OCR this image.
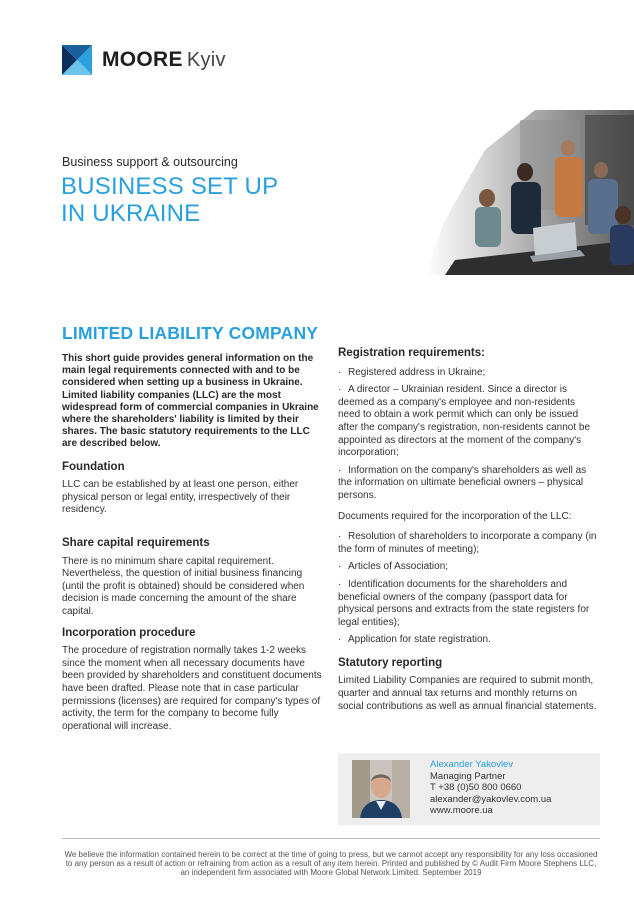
MOORE Kyiv
Business support & outsourcing
BUSINESS SET UP
IN UKRAINE
LIMITED LIABILITY COMPANY

This short guide provides general information on the main legal requirements connected with and to be considered when setting up a business in Ukraine. Limited liability companies (LLC) are the most widespread form of commercial companies in Ukraine where the shareholders' liability is limited by their shares. The basic statutory requirements to the LLC are described below.

Foundation

LLC can be established by at least one person, either physical person or legal entity, irrespectively of their residency.

Share capital requirements

There is no minimum share capital requirement. Nevertheless, the question of initial business financing (until the profit is obtained) should be considered when decision is made concerning the amount of the share capital.

Incorporation procedure

The procedure of registration normally takes 1-2 weeks since the moment when all necessary documents have been provided by shareholders and constituent documents have been drafted. Please note that in case particular permissions (licenses) are required for company's types of activity, the term for the company to become fully operational will increase.

Registration requirements:
· Registered address in Ukraine;
· A director – Ukrainian resident. Since a director is deemed as a company's employee and non-residents need to obtain a work permit which can only be issued after the company's registration, non-residents cannot be appointed as directors at the moment of the company's incorporation;
· Information on the company's shareholders as well as the information on ultimate beneficial owners – physical persons.

Documents required for the incorporation of the LLC:

· Resolution of shareholders to incorporate a company (in the form of minutes of meeting);
· Articles of Association;
· Identification documents for the shareholders and beneficial owners of the company (passport data for physical persons and extracts from the state registers for legal entities);
· Application for state registration.
Statutory reporting

Limited Liability Companies are required to submit month, quarter and annual tax returns and monthly returns on social contributions as well as annual financial statements.

Alexander Yakovlev
Managing Partner
T +38 (0)50 800 0660
alexander@yakovlev.com.ua
www.moore.ua
We believe the information contained herein to be correct at the time of going to press, but we cannot accept any responsibility for any loss occasioned to any person as a result of action or refraining from action as a result of any item herein. Printed and published by © Audit Firm Moore Stephens LLC, an independent firm associated with Moore Global Network Limited. September 2019
